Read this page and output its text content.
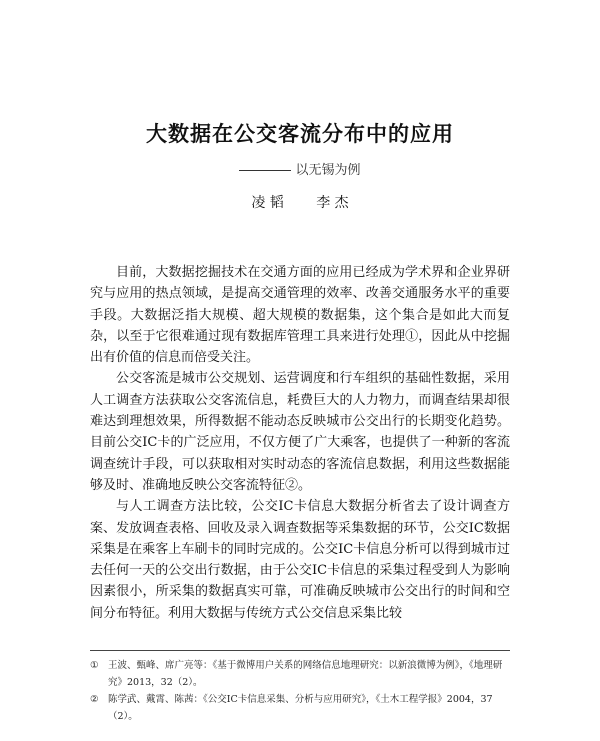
大数据在公交客流分布中的应用
以无锡为例
凌 韬 李 杰

目前，大数据挖掘技术在交通方面的应用已经成为学术界和企业界研究与应用的热点领域，是提高交通管理的效率、改善交通服务水平的重要手段。大数据泛指大规模、超大规模的数据集，这个集合是如此大而复杂，以至于它很难通过现有数据库管理工具来进行处理①，因此从中挖掘出有价值的信息而倍受关注。

公交客流是城市公交规划、运营调度和行车组织的基础性数据，采用人工调查方法获取公交客流信息，耗费巨大的人力物力，而调查结果却很难达到理想效果，所得数据不能动态反映城市公交出行的长期变化趋势。目前公交IC卡的广泛应用，不仅方便了广大乘客，也提供了一种新的客流调查统计手段，可以获取相对实时动态的客流信息数据，利用这些数据能够及时、准确地反映公交客流特征②。

与人工调查方法比较，公交IC卡信息大数据分析省去了设计调查方案、发放调查表格、回收及录入调查数据等采集数据的环节，公交IC数据采集是在乘客上车刷卡的同时完成的。公交IC卡信息分析可以得到城市过去任何一天的公交出行数据，由于公交IC卡信息的采集过程受到人为影响因素很小，所采集的数据真实可靠，可准确反映城市公交出行的时间和空间分布特征。利用大数据与传统方式公交信息采集比较

① 王波、甄峰、席广亮等：《基于微博用户关系的网络信息地理研究：以新浪微博为例》，《地理研究》2013，32（2）。

② 陈学武、戴霄、陈茜：《公交IC卡信息采集、分析与应用研究》，《土木工程学报》2004，37（2）。
